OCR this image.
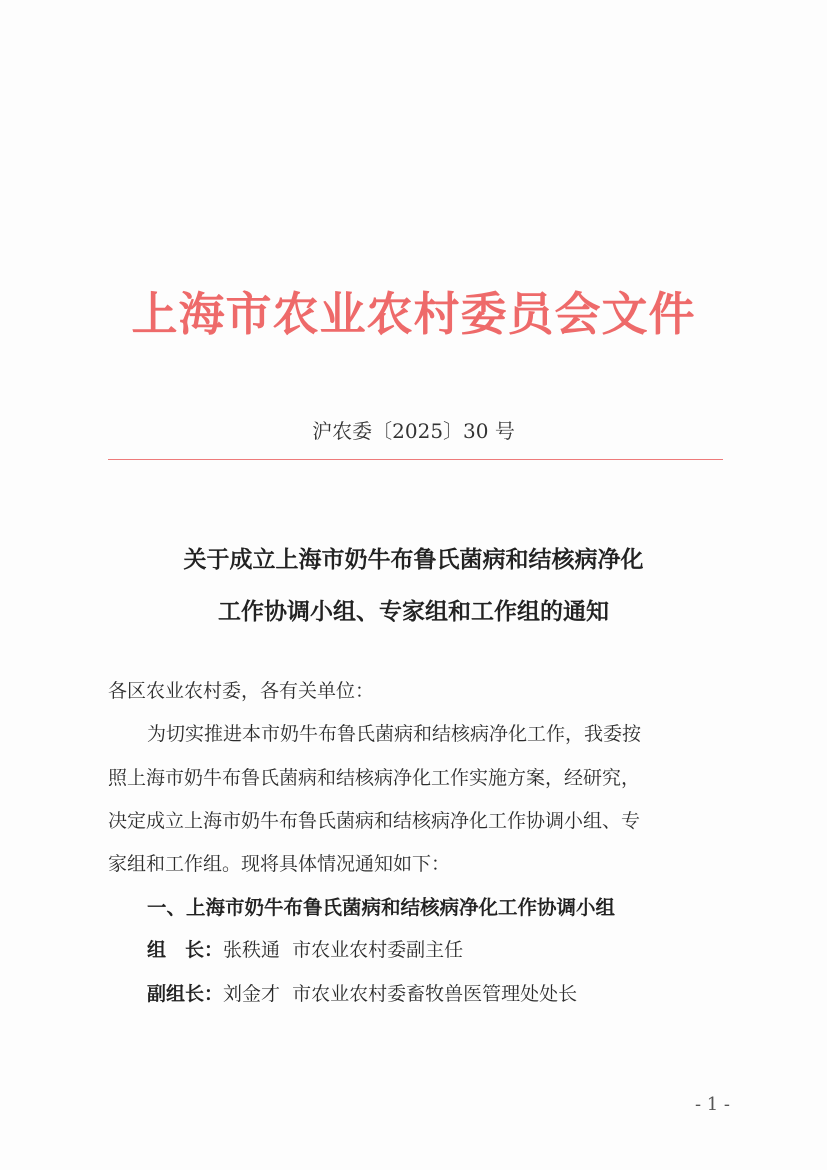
上海市农业农村委员会文件
沪农委〔2025〕30 号
关于成立上海市奶牛布鲁氏菌病和结核病净化
工作协调小组、专家组和工作组的通知
各区农业农村委，各有关单位：
为切实推进本市奶牛布鲁氏菌病和结核病净化工作，我委按
照上海市奶牛布鲁氏菌病和结核病净化工作实施方案，经研究，
决定成立上海市奶牛布鲁氏菌病和结核病净化工作协调小组、专
家组和工作组。现将具体情况通知如下：
一、上海市奶牛布鲁氏菌病和结核病净化工作协调小组
组　长：张秩通 市农业农村委副主任
副组长：刘金才 市农业农村委畜牧兽医管理处处长
- 1 -
